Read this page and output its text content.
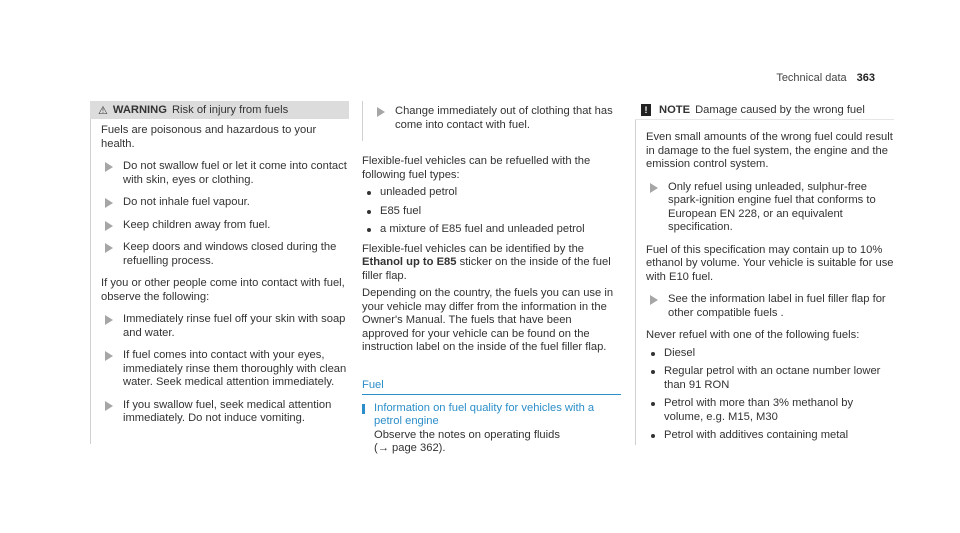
Technical data 363
⚠ WARNING Risk of injury from fuels

Fuels are poisonous and hazardous to your health.

Do not swallow fuel or let it come into contact with skin, eyes or clothing.
Do not inhale fuel vapour.
Keep children away from fuel.
Keep doors and windows closed during the refuelling process.

If you or other people come into contact with fuel, observe the following:

Immediately rinse fuel off your skin with soap and water.
If fuel comes into contact with your eyes, immediately rinse them thoroughly with clean water. Seek medical attention immediately.
If you swallow fuel, seek medical attention immediately. Do not induce vomiting.
Change immediately out of clothing that has come into contact with fuel.

Flexible-fuel vehicles can be refuelled with the following fuel types:

unleaded petrol
E85 fuel
a mixture of E85 fuel and unleaded petrol

Flexible-fuel vehicles can be identified by the Ethanol up to E85 sticker on the inside of the fuel filler flap.

Depending on the country, the fuels you can use in your vehicle may differ from the information in the Owner's Manual. The fuels that have been approved for your vehicle can be found on the instruction label on the inside of the fuel filler flap.

Fuel

Information on fuel quality for vehicles with a petrol engine

Observe the notes on operating fluids

(→ page 362).

!	NOTE Damage caused by the wrong fuel

Even small amounts of the wrong fuel could result in damage to the fuel system, the engine and the emission control system.

Only refuel using unleaded, sulphur-free spark-ignition engine fuel that conforms to European EN 228, or an equivalent specification.

Fuel of this specification may contain up to 10% ethanol by volume. Your vehicle is suitable for use with E10 fuel.

See the information label in fuel filler flap for other compatible fuels .

Never refuel with one of the following fuels:

Diesel
Regular petrol with an octane number lower than 91 RON
Petrol with more than 3% methanol by volume, e.g. M15, M30
Petrol with additives containing metal
